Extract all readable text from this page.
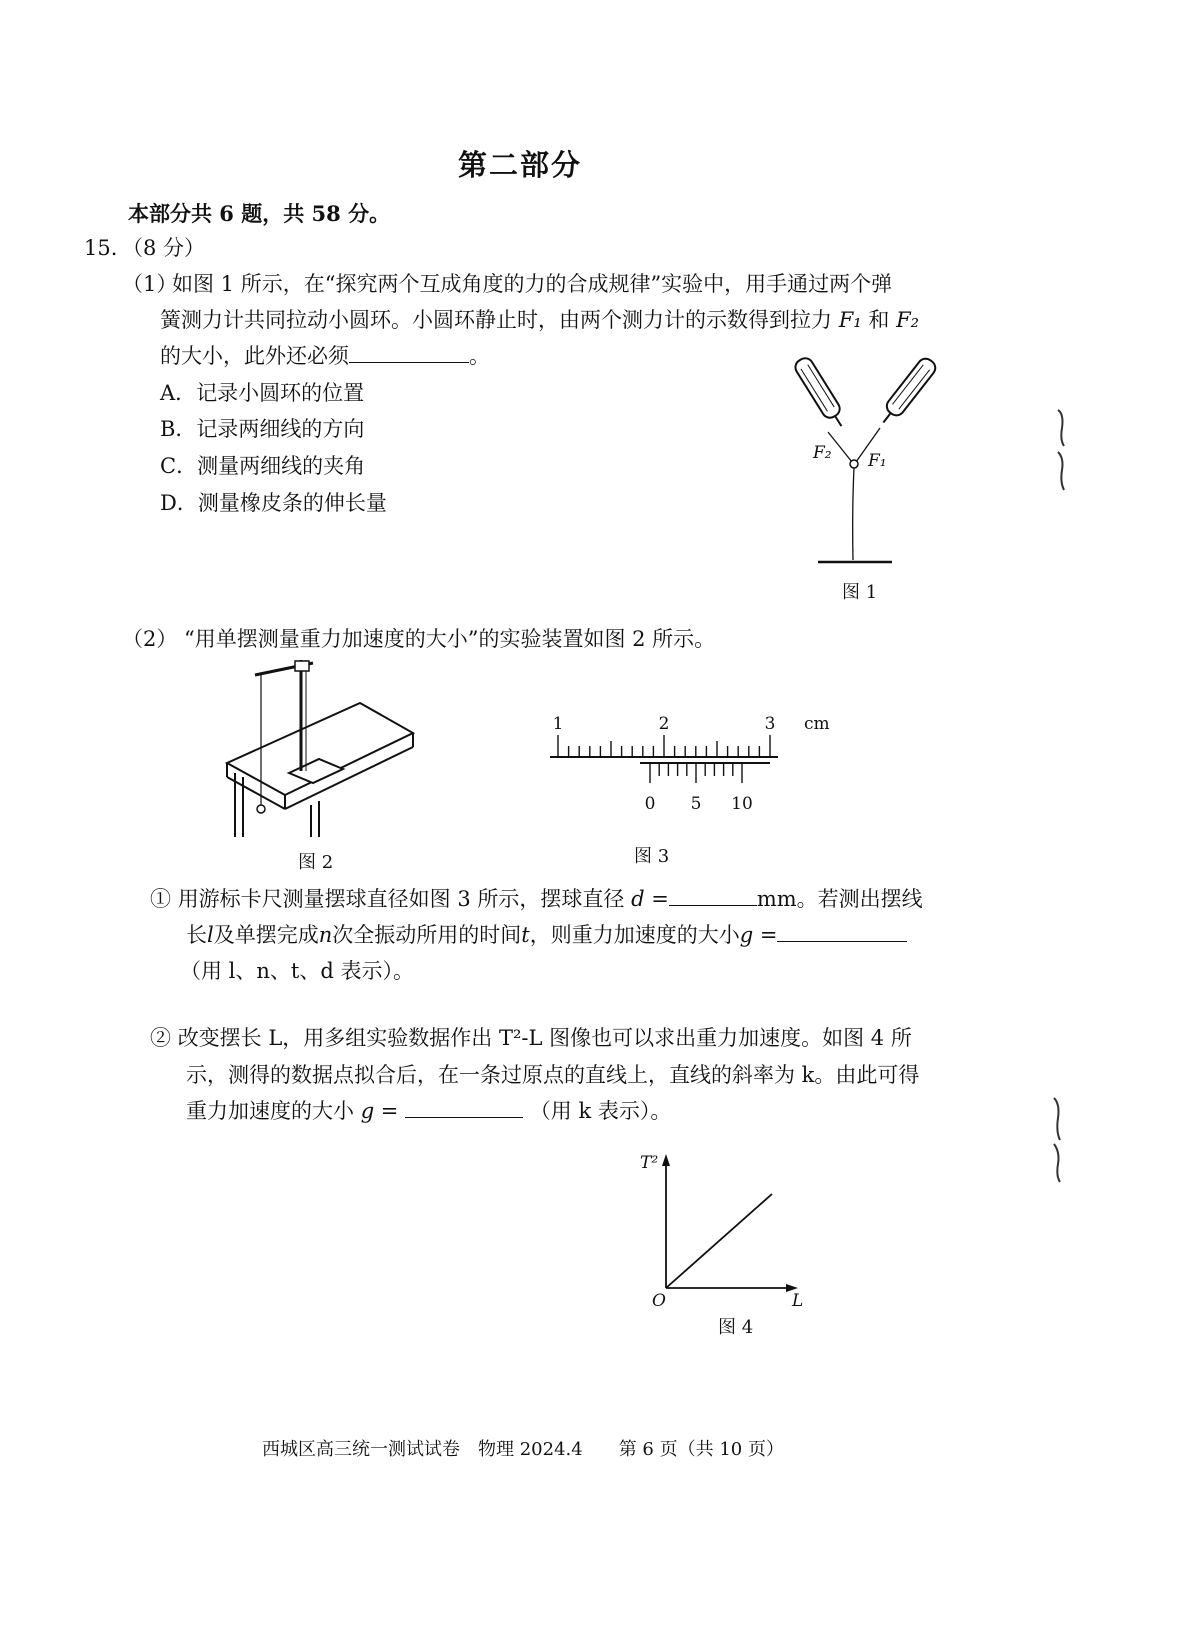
第二部分
本部分共 6 题，共 58 分。
15. （8 分）
（1）
如图 1 所示，在“探究两个互成角度的力的合成规律”实验中，用手通过两个弹
簧测力计共同拉动小圆环。小圆环静止时，由两个测力计的示数得到拉力 F₁ 和 F₂
的大小，此外还必须	。
A．记录小圆环的位置
B．记录两细线的方向
C．测量两细线的夹角
D．测量橡皮条的伸长量
F₂ F₁
图 1
（2） “用单摆测量重力加速度的大小”的实验装置如图 2 所示。
图 2
1	2	3 cm
0 5 10
图 3
① 用游标卡尺测量摆球直径如图 3 所示，摆球直径 d =	mm。若测出摆线
长l及单摆完成n次全振动所用的时间t，则重力加速度的大小g =
（用 l、n、t、d 表示）。
② 改变摆长 L，用多组实验数据作出 T²-L 图像也可以求出重力加速度。如图 4 所
示，测得的数据点拟合后，在一条过原点的直线上，直线的斜率为 k。由此可得
重力加速度的大小 g =	（用 k 表示）。
T²
L
O
图 4
西城区高三统一测试试卷　物理 2024.4　　第 6 页（共 10 页）
